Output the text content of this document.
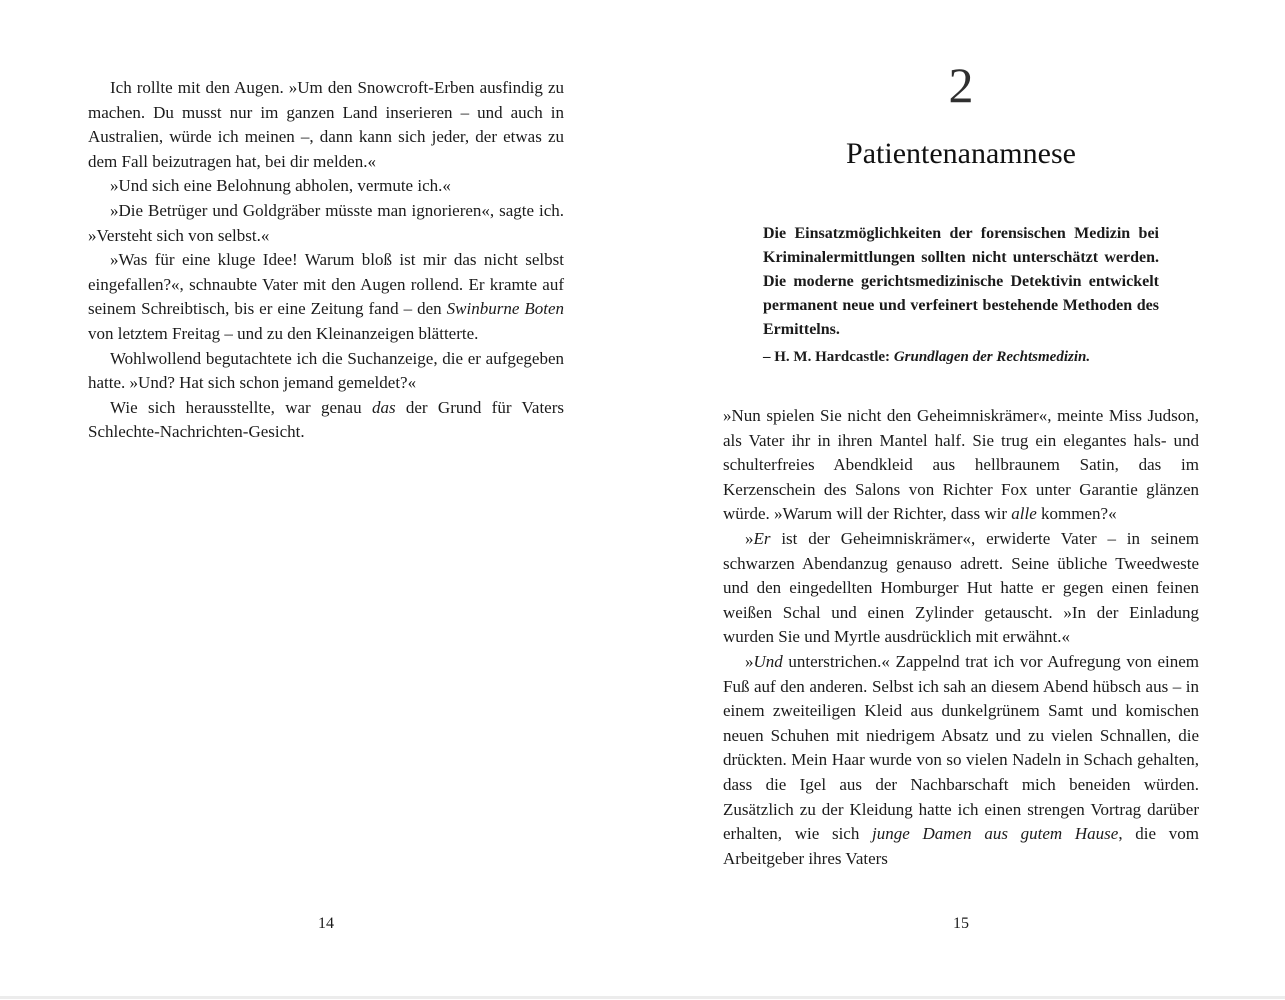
Ich rollte mit den Augen. »Um den Snowcroft-Erben ausfindig zu machen. Du musst nur im ganzen Land inserieren – und auch in Australien, würde ich meinen –, dann kann sich jeder, der etwas zu dem Fall beizutragen hat, bei dir melden.«

»Und sich eine Belohnung abholen, vermute ich.«

»Die Betrüger und Goldgräber müsste man ignorieren«, sagte ich. »Versteht sich von selbst.«

»Was für eine kluge Idee! Warum bloß ist mir das nicht selbst eingefallen?«, schnaubte Vater mit den Augen rollend. Er kramte auf seinem Schreibtisch, bis er eine Zeitung fand – den Swinburne Boten von letztem Freitag – und zu den Kleinanzeigen blätterte.

Wohlwollend begutachtete ich die Suchanzeige, die er aufgegeben hatte. »Und? Hat sich schon jemand gemeldet?«

Wie sich herausstellte, war genau das der Grund für Vaters Schlechte-Nachrichten-Gesicht.

2
Patientenanamnese

Die Einsatzmöglichkeiten der forensischen Medizin bei Kriminalermittlungen sollten nicht unterschätzt werden. Die moderne gerichtsmedizinische Detektivin entwickelt permanent neue und verfeinert bestehende Methoden des Ermittelns.

– H. M. Hardcastle: Grundlagen der Rechtsmedizin.

»Nun spielen Sie nicht den Geheimniskrämer«, meinte Miss Judson, als Vater ihr in ihren Mantel half. Sie trug ein elegantes hals- und schulterfreies Abendkleid aus hellbraunem Satin, das im Kerzenschein des Salons von Richter Fox unter Garantie glänzen würde. »Warum will der Richter, dass wir alle kommen?«

»Er ist der Geheimniskrämer«, erwiderte Vater – in seinem schwarzen Abendanzug genauso adrett. Seine übliche Tweedweste und den eingedellten Homburger Hut hatte er gegen einen feinen weißen Schal und einen Zylinder getauscht. »In der Einladung wurden Sie und Myrtle ausdrücklich mit erwähnt.«

»Und unterstrichen.« Zappelnd trat ich vor Aufregung von einem Fuß auf den anderen. Selbst ich sah an diesem Abend hübsch aus – in einem zweiteiligen Kleid aus dunkelgrünem Samt und komischen neuen Schuhen mit niedrigem Absatz und zu vielen Schnallen, die drückten. Mein Haar wurde von so vielen Nadeln in Schach gehalten, dass die Igel aus der Nachbarschaft mich beneiden würden. Zusätzlich zu der Kleidung hatte ich einen strengen Vortrag darüber erhalten, wie sich junge Damen aus gutem Hause, die vom Arbeitgeber ihres Vaters

14	15
